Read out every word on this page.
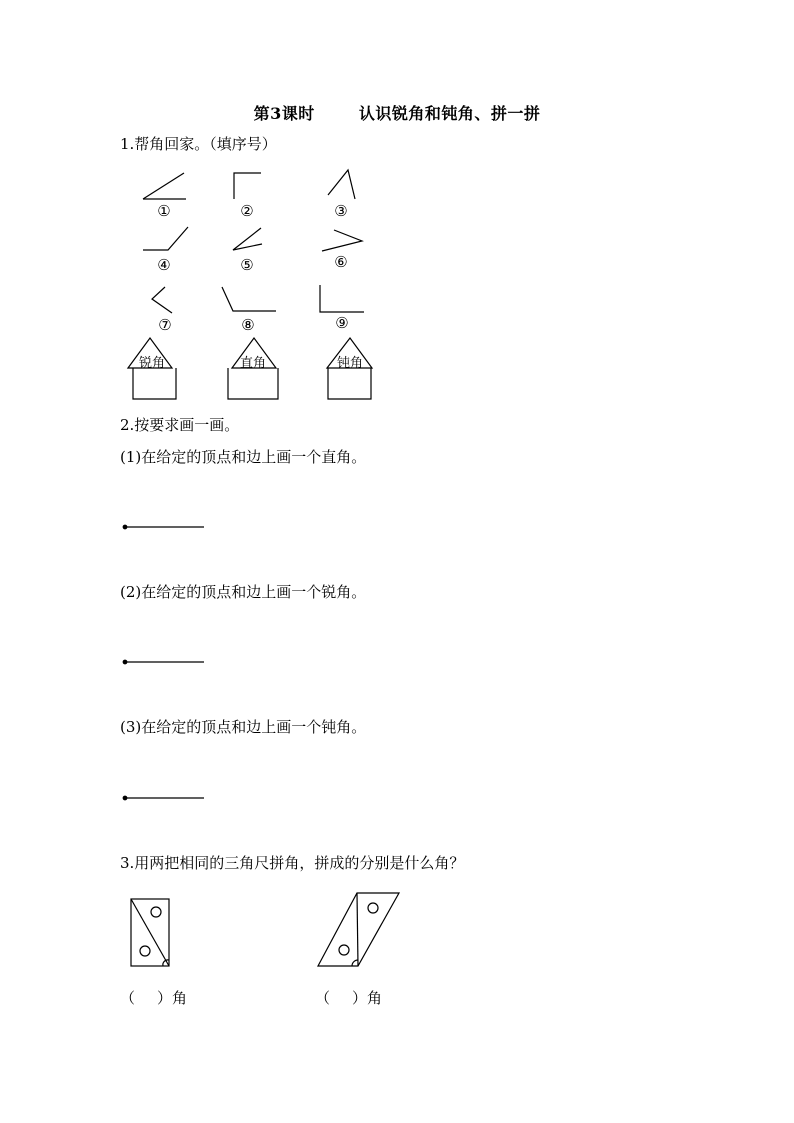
第3课时	认识锐角和钝角、拼一拼
1.帮角回家。（填序号）
①	②	③
④	⑤	⑥
⑦	⑧	⑨
锐角	直角	钝角
2.按要求画一画。
(1)在给定的顶点和边上画一个直角。
(2)在给定的顶点和边上画一个锐角。
(3)在给定的顶点和边上画一个钝角。
3.用两把相同的三角尺拼角，拼成的分别是什么角？
（ ）角	（ ）角
